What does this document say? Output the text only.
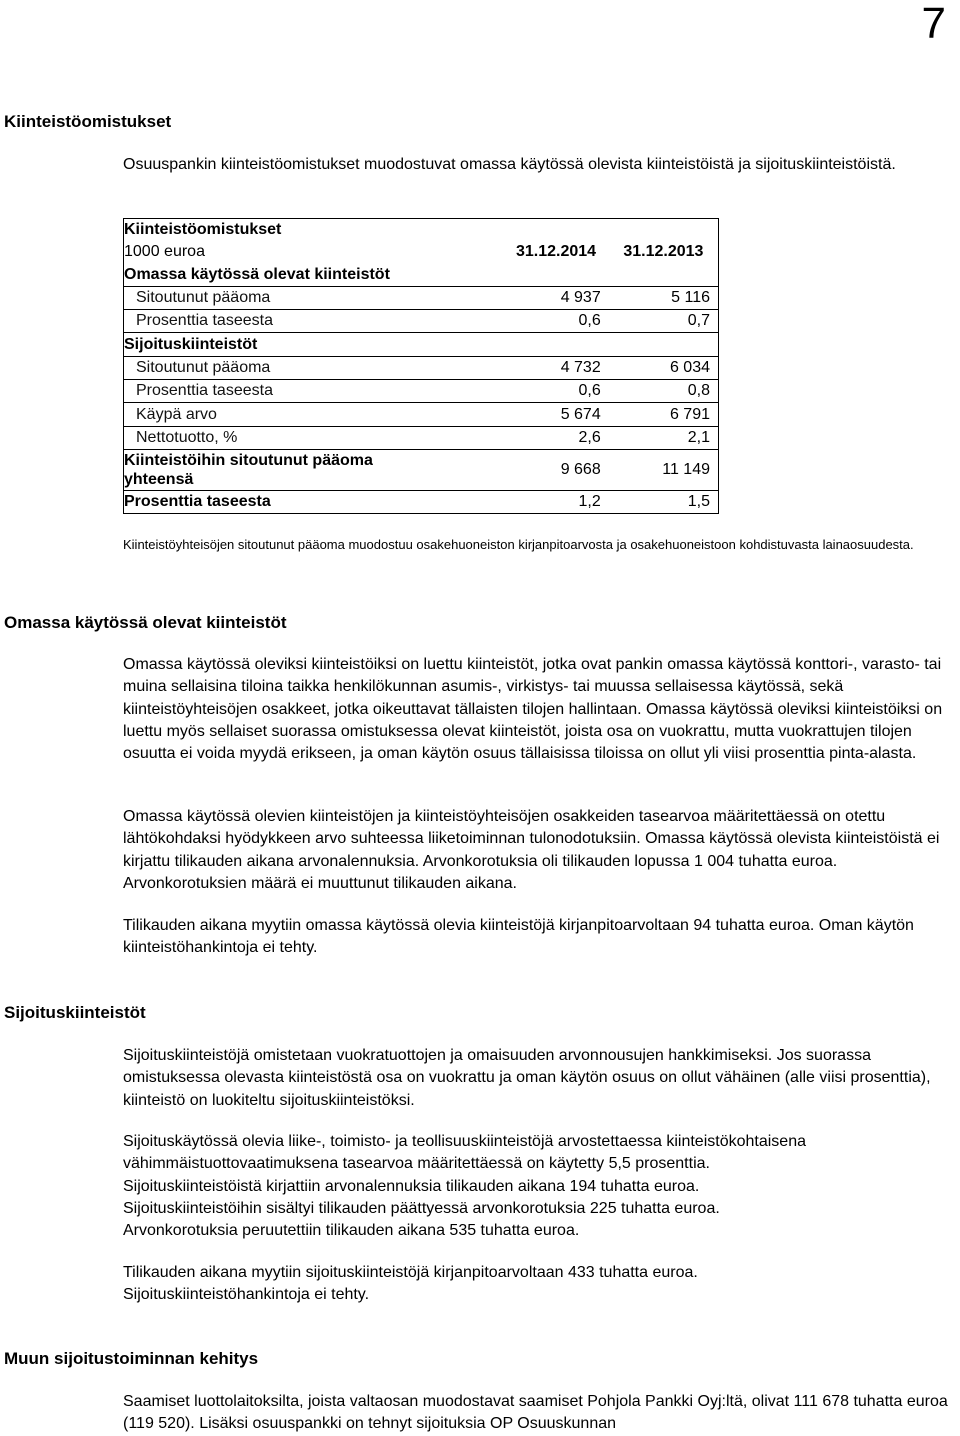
7
Kiinteistöomistukset

Osuuspankin kiinteistöomistukset muodostuvat omassa käytössä olevista kiinteistöistä ja sijoituskiinteistöistä.

Kiinteistöomistukset		
1000 euroa	31.12.2014	31.12.2013
Omassa käytössä olevat kiinteistöt		
Sitoutunut pääoma	4 937	5 116
Prosenttia taseesta	0,6	0,7
Sijoituskiinteistöt		
Sitoutunut pääoma	4 732	6 034
Prosenttia taseesta	0,6	0,8
Käypä arvo	5 674	6 791
Nettotuotto, %	2,6	2,1
Kiinteistöihin sitoutunut pääoma yhteensä	9 668	11 149
Prosenttia taseesta	1,2	1,5

Kiinteistöyhteisöjen sitoutunut pääoma muodostuu osakehuoneiston kirjanpitoarvosta ja osakehuoneistoon kohdistuvasta lainaosuudesta.

Omassa käytössä olevat kiinteistöt

Omassa käytössä oleviksi kiinteistöiksi on luettu kiinteistöt, jotka ovat pankin omassa käytössä konttori-, varasto- tai muina sellaisina tiloina taikka henkilökunnan asumis-, virkistys- tai muussa sellaisessa käytössä, sekä kiinteistöyhteisöjen osakkeet, jotka oikeuttavat tällaisten tilojen hallintaan. Omassa käytössä oleviksi kiinteistöiksi on luettu myös sellaiset suorassa omistuksessa olevat kiinteistöt, joista osa on vuokrattu, mutta vuokrattujen tilojen osuutta ei voida myydä erikseen, ja oman käytön osuus tällaisissa tiloissa on ollut yli viisi prosenttia pinta-alasta.

Omassa käytössä olevien kiinteistöjen ja kiinteistöyhteisöjen osakkeiden tasearvoa määritettäessä on otettu lähtökohdaksi hyödykkeen arvo suhteessa liiketoiminnan tulonodotuksiin. Omassa käytössä olevista kiinteistöistä ei kirjattu tilikauden aikana arvonalennuksia. Arvonkorotuksia oli tilikauden lopussa 1 004 tuhatta euroa. Arvonkorotuksien määrä ei muuttunut tilikauden aikana.

Tilikauden aikana myytiin omassa käytössä olevia kiinteistöjä kirjanpitoarvoltaan 94 tuhatta euroa. Oman käytön kiinteistöhankintoja ei tehty.

Sijoituskiinteistöt

Sijoituskiinteistöjä omistetaan vuokratuottojen ja omaisuuden arvonnousujen hankkimiseksi. Jos suorassa omistuksessa olevasta kiinteistöstä osa on vuokrattu ja oman käytön osuus on ollut vähäinen (alle viisi prosenttia), kiinteistö on luokiteltu sijoituskiinteistöksi.

Sijoituskäytössä olevia liike-, toimisto- ja teollisuuskiinteistöjä arvostettaessa kiinteistökohtaisena vähimmäistuottovaatimuksena tasearvoa määritettäessä on käytetty 5,5 prosenttia.
Sijoituskiinteistöistä kirjattiin arvonalennuksia tilikauden aikana 194 tuhatta euroa.
Sijoituskiinteistöihin sisältyi tilikauden päättyessä arvonkorotuksia 225 tuhatta euroa.
Arvonkorotuksia peruutettiin tilikauden aikana 535 tuhatta euroa.
Tilikauden aikana myytiin sijoituskiinteistöjä kirjanpitoarvoltaan 433 tuhatta euroa.
Sijoituskiinteistöhankintoja ei tehty.
Muun sijoitustoiminnan kehitys

Saamiset luottolaitoksilta, joista valtaosan muodostavat saamiset Pohjola Pankki Oyj:ltä, olivat 111 678 tuhatta euroa (119 520). Lisäksi osuuspankki on tehnyt sijoituksia OP Osuuskunnan
